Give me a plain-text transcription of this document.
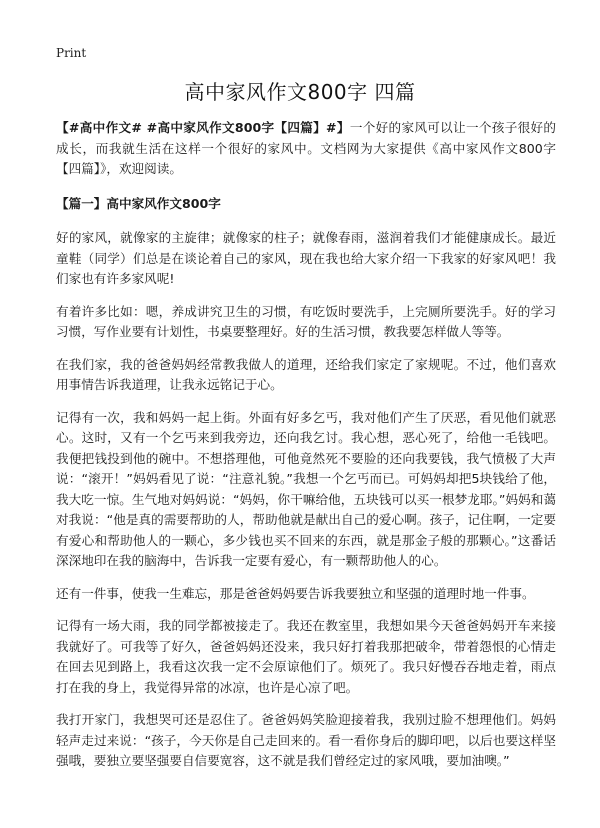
Print
高中家风作文800字 四篇

【#高中作文# #高中家风作文800字【四篇】#】一个好的家风可以让一个孩子很好的成长，而我就生活在这样一个很好的家风中。文档网为大家提供《高中家风作文800字【四篇】》，欢迎阅读。

【篇一】高中家风作文800字

好的家风，就像家的主旋律；就像家的柱子；就像春雨，滋润着我们才能健康成长。最近童鞋（同学）们总是在谈论着自己的家风，现在我也给大家介绍一下我家的好家风吧！我们家也有许多家风呢!

有着许多比如：嗯，养成讲究卫生的习惯，有吃饭时要洗手，上完厕所要洗手。好的学习习惯，写作业要有计划性，书桌要整理好。好的生活习惯，教我要怎样做人等等。

在我们家，我的爸爸妈妈经常教我做人的道理，还给我们家定了家规呢。不过，他们喜欢用事情告诉我道理，让我永远铭记于心。

记得有一次，我和妈妈一起上街。外面有好多乞丐，我对他们产生了厌恶，看见他们就恶心。这时，又有一个乞丐来到我旁边，还向我乞讨。我心想，恶心死了，给他一毛钱吧。我便把钱投到他的碗中。不想搭理他，可他竟然死不要脸的还向我要钱，我气愤极了大声说：“滚开！”妈妈看见了说：“注意礼貌。”我想一个乞丐而已。可妈妈却把5块钱给了他，我大吃一惊。生气地对妈妈说：“妈妈，你干嘛给他，五块钱可以买一根梦龙耶。”妈妈和蔼对我说：“他是真的需要帮助的人，帮助他就是献出自己的爱心啊。孩子，记住啊，一定要有爱心和帮助他人的一颗心，多少钱也买不回来的东西，就是那金子般的那颗心。”这番话深深地印在我的脑海中，告诉我一定要有爱心，有一颗帮助他人的心。

还有一件事，使我一生难忘，那是爸爸妈妈要告诉我要独立和坚强的道理时地一件事。

记得有一场大雨，我的同学都被接走了。我还在教室里，我想如果今天爸爸妈妈开车来接我就好了。可我等了好久，爸爸妈妈还没来，我只好打着我那把破伞，带着怨恨的心情走在回去见到路上，我看这次我一定不会原谅他们了。烦死了。我只好慢吞吞地走着，雨点打在我的身上，我觉得异常的冰凉，也许是心凉了吧。

我打开家门，我想哭可还是忍住了。爸爸妈妈笑脸迎接着我，我别过脸不想理他们。妈妈轻声走过来说：“孩子，今天你是自己走回来的。看一看你身后的脚印吧，以后也要这样坚强哦，要独立要坚强要自信要宽容，这不就是我们曾经定过的家风哦，要加油噢。”
